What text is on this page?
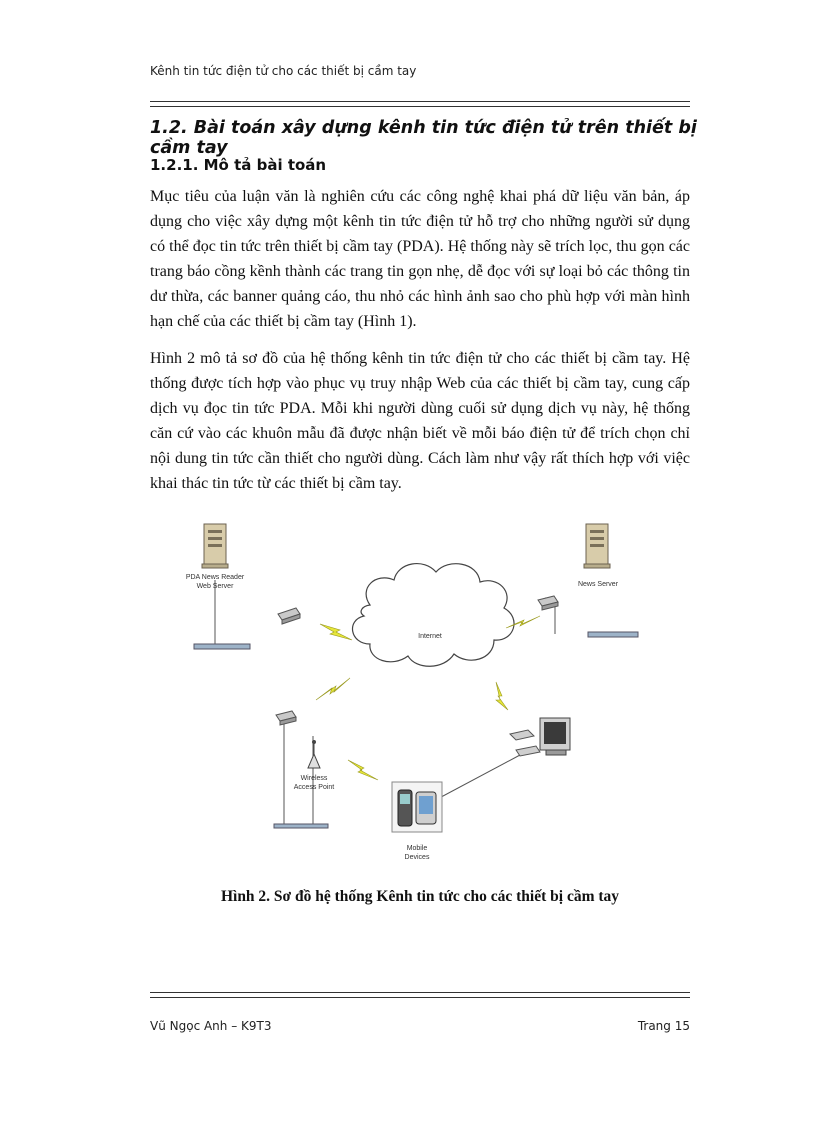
Kênh tin tức điện tử cho các thiết bị cầm tay
1.2. Bài toán xây dựng kênh tin tức điện tử trên thiết bị cầm tay
1.2.1. Mô tả bài toán

Mục tiêu của luận văn là nghiên cứu các công nghệ khai phá dữ liệu văn bản, áp dụng cho việc xây dựng một kênh tin tức điện tử hỗ trợ cho những người sử dụng có thể đọc tin tức trên thiết bị cầm tay (PDA). Hệ thống này sẽ trích lọc, thu gọn các trang báo cồng kềnh thành các trang tin gọn nhẹ, dễ đọc với sự loại bỏ các thông tin dư thừa, các banner quảng cáo, thu nhỏ các hình ảnh sao cho phù hợp với màn hình hạn chế của các thiết bị cầm tay (Hình 1).

Hình 2 mô tả sơ đồ của hệ thống kênh tin tức điện tử cho các thiết bị cầm tay. Hệ thống được tích hợp vào phục vụ truy nhập Web của các thiết bị cầm tay, cung cấp dịch vụ đọc tin tức PDA. Mỗi khi người dùng cuối sử dụng dịch vụ này, hệ thống căn cứ vào các khuôn mẫu đã được nhận biết về mỗi báo điện tử để trích chọn chỉ nội dung tin tức cần thiết cho người dùng. Cách làm như vậy rất thích hợp với việc khai thác tin tức từ các thiết bị cầm tay.

PDA News Reader
Web Server	News Server
Internet
Wireless
Access Point
Mobile
Devices

Hình 2. Sơ đồ hệ thống Kênh tin tức cho các thiết bị cầm tay

Vũ Ngọc Anh – K9T3	Trang 15
